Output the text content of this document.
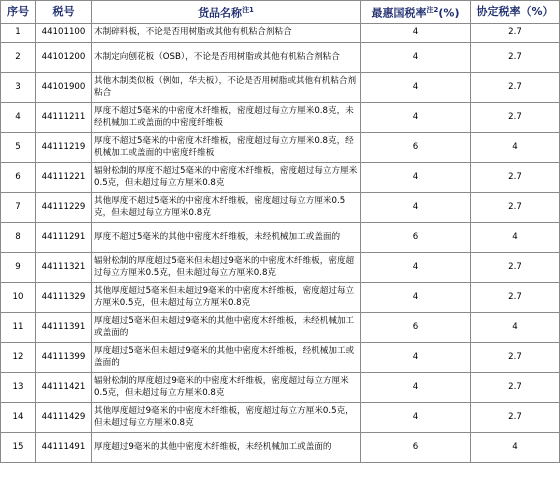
序号	税号	货品名称$^{注1}$	最惠国税率$^{注2}$(%)	协定税率（%）
1	44101100	木制碎料板，不论是否用树脂或其他有机粘合剂粘合	4	2.7
2	44101200	木制定向刨花板（OSB），不论是否用树脂或其他有机粘合剂粘合	4	2.7
3	44101900	其他木制类似板（例如，华夫板），不论是否用树脂或其他有机粘合剂粘合	4	2.7
4	44111211	厚度不超过5毫米的中密度木纤维板，密度超过每立方厘米0.8克，未经机械加工或盖面的中密度纤维板	4	2.7
5	44111219	厚度不超过5毫米的中密度木纤维板，密度超过每立方厘米0.8克，经机械加工或盖面的中密度纤维板	6	4
6	44111221	辐射松制的厚度不超过5毫米的中密度木纤维板，密度超过每立方厘米0.5克，但未超过每立方厘米0.8克	4	2.7
7	44111229	其他厚度不超过5毫米的中密度木纤维板，密度超过每立方厘米0.5克，但未超过每立方厘米0.8克	4	2.7
8	44111291	厚度不超过5毫米的其他中密度木纤维板，未经机械加工或盖面的	6	4
9	44111321	辐射松制的厚度超过5毫米但未超过9毫米的中密度木纤维板，密度超过每立方厘米0.5克，但未超过每立方厘米0.8克	4	2.7
10	44111329	其他厚度超过5毫米但未超过9毫米的中密度木纤维板，密度超过每立方厘米0.5克，但未超过每立方厘米0.8克	4	2.7
11	44111391	厚度超过5毫米但未超过9毫米的其他中密度木纤维板，未经机械加工或盖面的	6	4
12	44111399	厚度超过5毫米但未超过9毫米的其他中密度木纤维板，经机械加工或盖面的	4	2.7
13	44111421	辐射松制的厚度超过9毫米的中密度木纤维板，密度超过每立方厘米0.5克，但未超过每立方厘米0.8克	4	2.7
14	44111429	其他厚度超过9毫米的中密度木纤维板，密度超过每立方厘米0.5克，但未超过每立方厘米0.8克	4	2.7
15	44111491	厚度超过9毫米的其他中密度木纤维板，未经机械加工或盖面的	6	4
